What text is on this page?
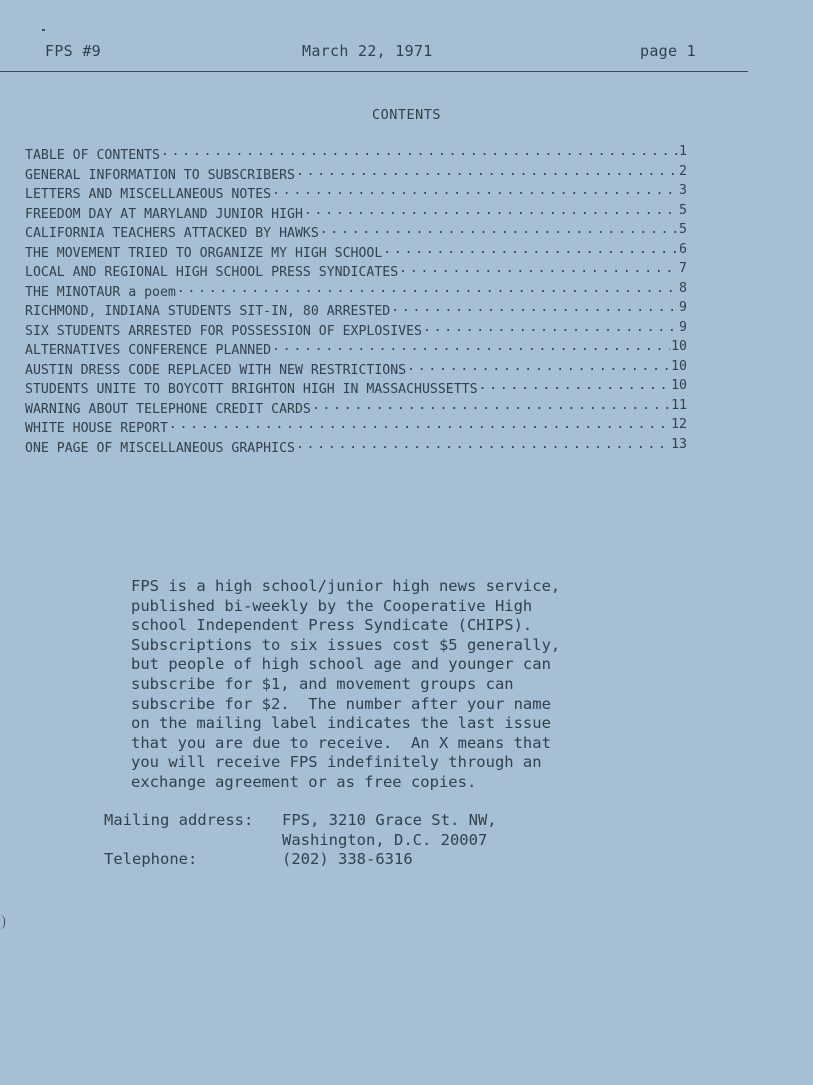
FPS #9	March 22, 1971	page 1
CONTENTS
TABLE OF CONTENTS . . .	1
GENERAL INFORMATION TO SUBSCRIBERS . . .	2
LETTERS AND MISCELLANEOUS NOTES . . .	3
FREEDOM DAY AT MARYLAND JUNIOR HIGH . . .	5
CALIFORNIA TEACHERS ATTACKED BY HAWKS . . .	5
THE MOVEMENT TRIED TO ORGANIZE MY HIGH SCHOOL . . .	6
LOCAL AND REGIONAL HIGH SCHOOL PRESS SYNDICATES . . .	7
THE MINOTAUR a poem . . .	8
RICHMOND, INDIANA STUDENTS SIT-IN, 80 ARRESTED . . .	9
SIX STUDENTS ARRESTED FOR POSSESSION OF EXPLOSIVES . . .	9
ALTERNATIVES CONFERENCE PLANNED . . .	10
AUSTIN DRESS CODE REPLACED WITH NEW RESTRICTIONS . . .	10
STUDENTS UNITE TO BOYCOTT BRIGHTON HIGH IN MASSACHUSSETTS . . .	10
WARNING ABOUT TELEPHONE CREDIT CARDS . . .	11
WHITE HOUSE REPORT . . .	12
ONE PAGE OF MISCELLANEOUS GRAPHICS . . .	13
FPS is a high school/junior high news service,
published bi-weekly by the Cooperative High
school Independent Press Syndicate (CHIPS).
Subscriptions to six issues cost $5 generally,
but people of high school age and younger can
subscribe for $1, and movement groups can
subscribe for $2.  The number after your name
on the mailing label indicates the last issue
that you are due to receive.  An X means that
you will receive FPS indefinitely through an
exchange agreement or as free copies.
Mailing address:	FPS, 3210 Grace St. NW,
Washington, D.C. 20007
Telephone:	(202) 338-6316
